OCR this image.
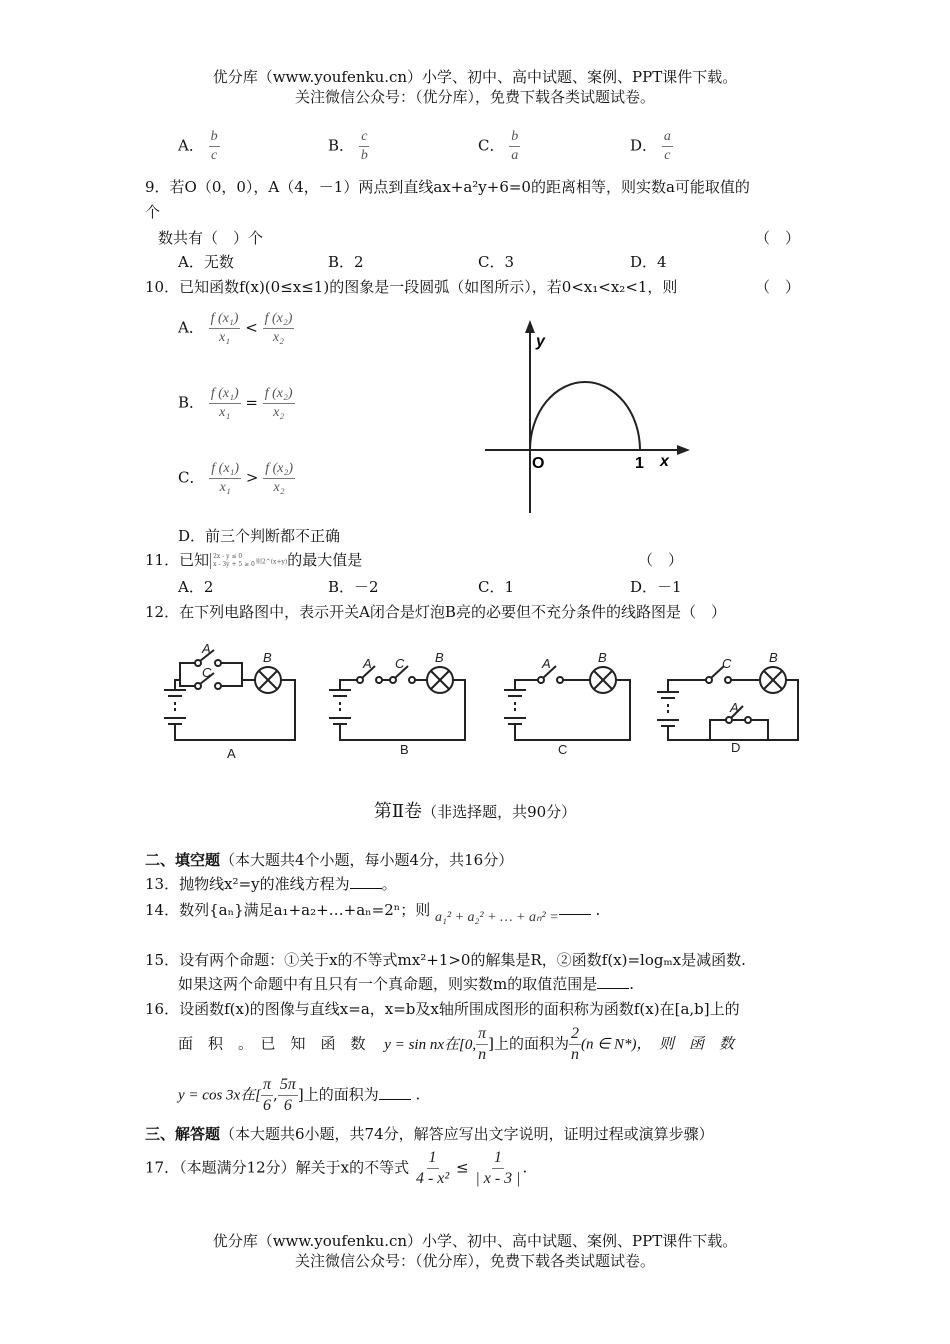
优分库（www.youfenku.cn）小学、初中、高中试题、案例、PPT课件下载。
关注微信公众号：（优分库），免费下载各类试题试卷。
A． $\frac{b}{c}$	B． $\frac{c}{b}$	C． $\frac{b}{a}$	D． $\frac{a}{c}$
9．若O（0，0），A（4，－1）两点到直线ax+a²y+6=0的距离相等，则实数a可能取值的
个
数共有（　）个	（　）
A．无数	B．2	C．3	D．4
10．已知函数f(x)(0≤x≤1)的图象是一段圆弧（如图所示），若0<x₁<x₂<1，则	（　）
A． $\frac{\text{f (x₁)}}{\text{x₁}} < \frac{\text{f (x₂)}}{\text{x₂}}$
B． $\frac{\text{f (x₁)}}{\text{x₁}} = \frac{\text{f (x₂)}}{\text{x₂}}$
C． $\frac{\text{f (x₁)}}{\text{x₁}} > \frac{\text{f (x₂)}}{\text{x₂}}$
D．前三个判断都不正确
y
x
O	1
11．已知 2x - y ≤ 0
x - 3y + 5 ≥ 0则2^(x+y)的最大值是	（　）
A．2	B．－2	C．1	D．－1
12．在下列电路图中，表示开关A闭合是灯泡B亮的必要但不充分条件的线路图是（　）
A
C
B	A C B	A	B	C	B
A
A	B	C	D
第Ⅱ卷（非选择题，共90分）
二、填空题（本大题共4个小题，每小题4分，共16分）
13．抛物线x²=y的准线方程为 。
14．数列{aₙ}满足a₁+a₂+…+aₙ=2ⁿ；则 a₁² + a₂² + … + aₙ² = .
15．设有两个命题：①关于x的不等式mx²+1>0的解集是R，②函数f(x)=logₘx是减函数.
如果这两个命题中有且只有一个真命题，则实数m的取值范围是 .
16．设函数f(x)的图像与直线x=a，x=b及x轴所围成图形的面积称为函数f(x)在[a,b]上的
面　积　。　已　知　函　数 y = sin nx在[0, $\frac{\pi}{n}$ ]上的面积为 $\frac{2}{n} (n$ ∈ N*)，　则　函　数
y = cos 3x在[ $\frac{\pi}{6}$ , $\frac{5\pi}{6}$ ]上的面积为 .
三、解答题（本大题共6小题，共74分，解答应写出文字说明，证明过程或演算步骤）
17．（本题满分12分）解关于x的不等式 $\frac{1}{\text{4 - x²}} \le \frac{1}{| x - 3 |}$ .
优分库（www.youfenku.cn）小学、初中、高中试题、案例、PPT课件下载。
关注微信公众号：（优分库），免费下载各类试题试卷。
